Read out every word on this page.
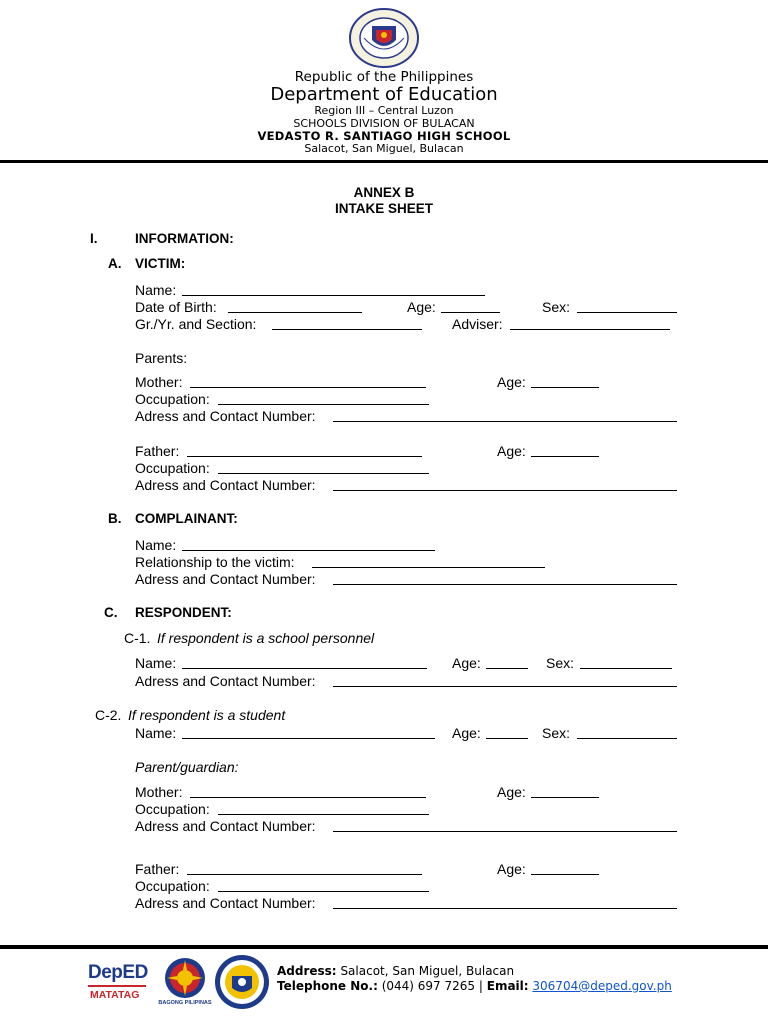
Republic of the Philippines
Department of Education
Region III – Central Luzon
SCHOOLS DIVISION OF BULACAN
VEDASTO R. SANTIAGO HIGH SCHOOL
Salacot, San Miguel, Bulacan
ANNEX B
INTAKE SHEET
I.	INFORMATION:
A. VICTIM:
Name:
Date of Birth:	Age:	Sex:
Gr./Yr. and Section:	Adviser:
Parents:
Mother:	Age:
Occupation:
Adress and Contact Number:
Father:	Age:
Occupation:
Adress and Contact Number:
B. COMPLAINANT:
Name:
Relationship to the victim:
Adress and Contact Number:
C. RESPONDENT:
C-1. If respondent is a school personnel
Name:	Age:	Sex:
Adress and Contact Number:
C-2. If respondent is a student
Name:	Age:	Sex:
Parent/guardian:
Mother:	Age:
Occupation:
Adress and Contact Number:
Father:	Age:
Occupation:
Adress and Contact Number:
DepED
MATATAG
BAGONG PILIPINAS
Address: Salacot, San Miguel, Bulacan
Telephone No.: (044) 697 7265 | Email: 306704@deped.gov.ph
